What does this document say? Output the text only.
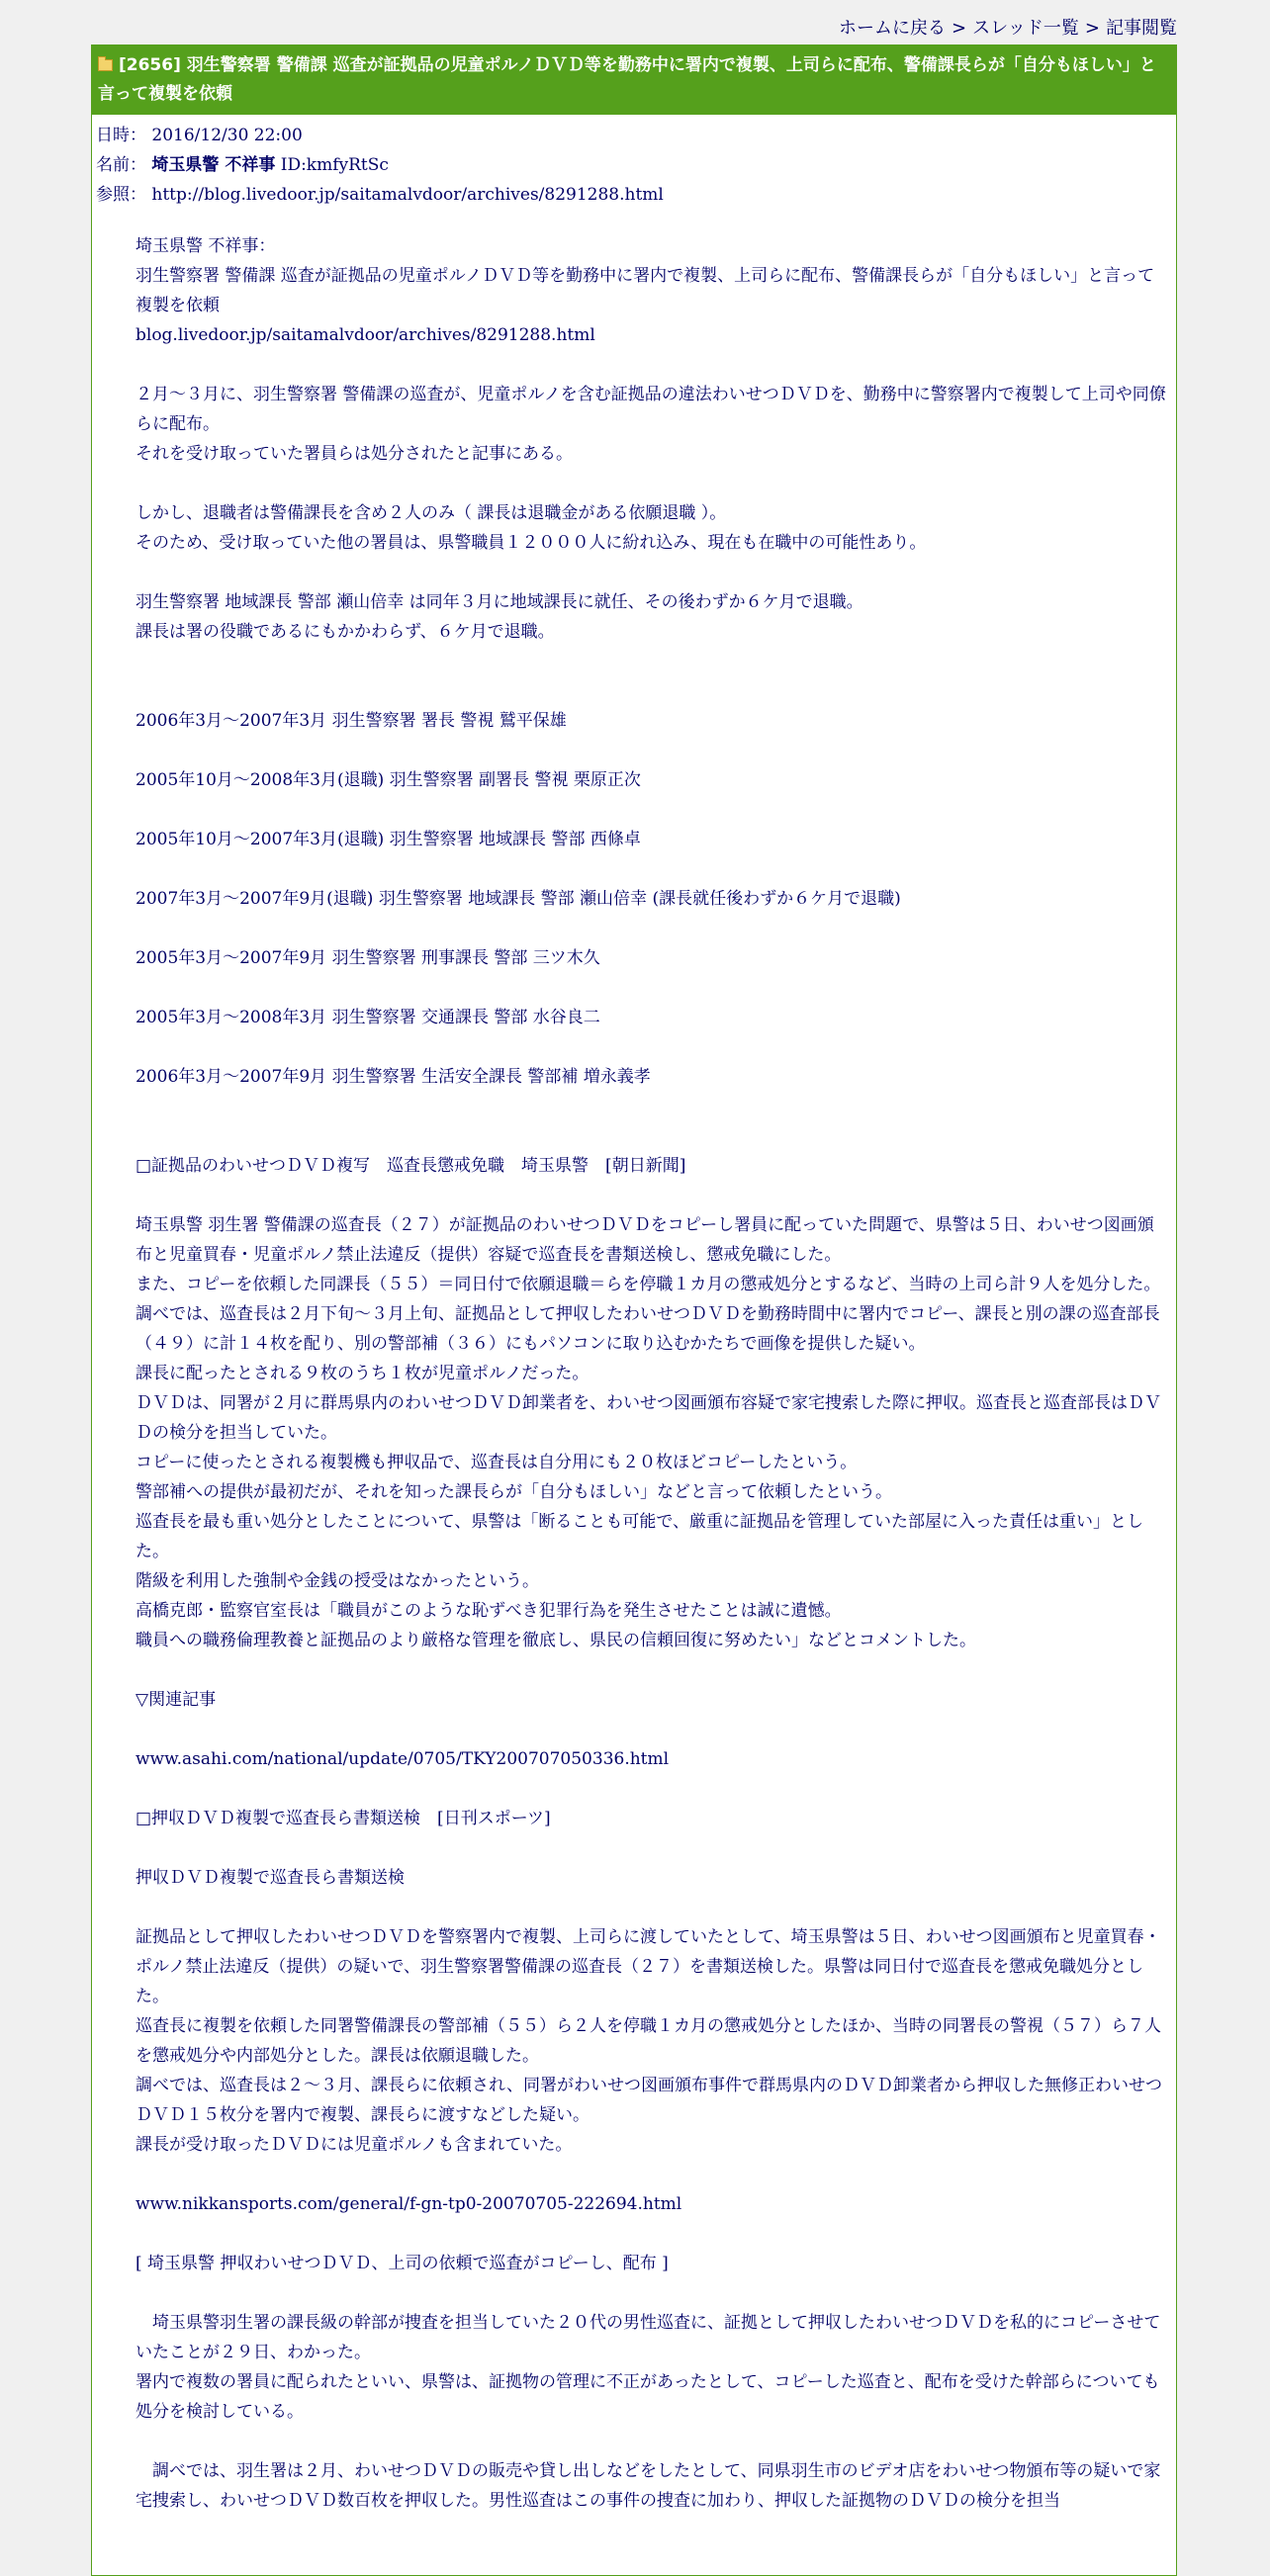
ホームに戻る > スレッド一覧 > 記事閲覧
[2656] 羽生警察署 警備課 巡査が証拠品の児童ポルノＤＶＤ等を勤務中に署内で複製、上司らに配布、警備課長らが「自分もほしい」と言って複製を依頼
日時： 2016/12/30 22:00
名前： 埼玉県警 不祥事 ID:kmfyRtSc
参照： http://blog.livedoor.jp/saitamalvdoor/archives/8291288.html
埼玉県警 不祥事：
羽生警察署 警備課 巡査が証拠品の児童ポルノＤＶＤ等を勤務中に署内で複製、上司らに配布、警備課長らが「自分もほしい」と言って複製を依頼
blog.livedoor.jp/saitamalvdoor/archives/8291288.html

２月～３月に、羽生警察署 警備課の巡査が、児童ポルノを含む証拠品の違法わいせつＤＶＤを、勤務中に警察署内で複製して上司や同僚らに配布。
それを受け取っていた署員らは処分されたと記事にある。

しかし、退職者は警備課長を含め２人のみ（ 課長は退職金がある依願退職 ）。
そのため、受け取っていた他の署員は、県警職員１２０００人に紛れ込み、現在も在職中の可能性あり。

羽生警察署 地域課長 警部 瀬山倍幸 は同年３月に地域課長に就任、その後わずか６ケ月で退職。
課長は署の役職であるにもかかわらず、６ケ月で退職。

2006年3月～2007年3月 羽生警察署 署長 警視 鷲平保雄

2005年10月～2008年3月(退職) 羽生警察署 副署長 警視 栗原正次

2005年10月～2007年3月(退職) 羽生警察署 地域課長 警部 西條卓

2007年3月～2007年9月(退職) 羽生警察署 地域課長 警部 瀬山倍幸 (課長就任後わずか６ケ月で退職)

2005年3月～2007年9月 羽生警察署 刑事課長 警部 三ツ木久

2005年3月～2008年3月 羽生警察署 交通課長 警部 水谷良二

2006年3月～2007年9月 羽生警察署 生活安全課長 警部補 増永義孝

□証拠品のわいせつＤＶＤ複写　巡査長懲戒免職　埼玉県警　[朝日新聞]

埼玉県警 羽生署 警備課の巡査長（２７）が証拠品のわいせつＤＶＤをコピーし署員に配っていた問題で、県警は５日、わいせつ図画頒布と児童買春・児童ポルノ禁止法違反（提供）容疑で巡査長を書類送検し、懲戒免職にした。
また、コピーを依頼した同課長（５５）＝同日付で依願退職＝らを停職１カ月の懲戒処分とするなど、当時の上司ら計９人を処分した。
調べでは、巡査長は２月下旬～３月上旬、証拠品として押収したわいせつＤＶＤを勤務時間中に署内でコピー、課長と別の課の巡査部長（４９）に計１４枚を配り、別の警部補（３６）にもパソコンに取り込むかたちで画像を提供した疑い。
課長に配ったとされる９枚のうち１枚が児童ポルノだった。
ＤＶＤは、同署が２月に群馬県内のわいせつＤＶＤ卸業者を、わいせつ図画頒布容疑で家宅捜索した際に押収。巡査長と巡査部長はＤＶＤの検分を担当していた。
コピーに使ったとされる複製機も押収品で、巡査長は自分用にも２０枚ほどコピーしたという。
警部補への提供が最初だが、それを知った課長らが「自分もほしい」などと言って依頼したという。
巡査長を最も重い処分としたことについて、県警は「断ることも可能で、厳重に証拠品を管理していた部屋に入った責任は重い」とした。
階級を利用した強制や金銭の授受はなかったという。
高橋克郎・監察官室長は「職員がこのような恥ずべき犯罪行為を発生させたことは誠に遺憾。
職員への職務倫理教養と証拠品のより厳格な管理を徹底し、県民の信頼回復に努めたい」などとコメントした。

▽関連記事

www.asahi.com/national/update/0705/TKY200707050336.html

□押収ＤＶＤ複製で巡査長ら書類送検　[日刊スポーツ]

押収ＤＶＤ複製で巡査長ら書類送検

証拠品として押収したわいせつＤＶＤを警察署内で複製、上司らに渡していたとして、埼玉県警は５日、わいせつ図画頒布と児童買春・ポルノ禁止法違反（提供）の疑いで、羽生警察署警備課の巡査長（２７）を書類送検した。県警は同日付で巡査長を懲戒免職処分とした。
巡査長に複製を依頼した同署警備課長の警部補（５５）ら２人を停職１カ月の懲戒処分としたほか、当時の同署長の警視（５７）ら７人を懲戒処分や内部処分とした。課長は依願退職した。
調べでは、巡査長は２～３月、課長らに依頼され、同署がわいせつ図画頒布事件で群馬県内のＤＶＤ卸業者から押収した無修正わいせつＤＶＤ１５枚分を署内で複製、課長らに渡すなどした疑い。
課長が受け取ったＤＶＤには児童ポルノも含まれていた。

www.nikkansports.com/general/f-gn-tp0-20070705-222694.html

[ 埼玉県警 押収わいせつＤＶＤ、上司の依頼で巡査がコピーし、配布 ]

　埼玉県警羽生署の課長級の幹部が捜査を担当していた２０代の男性巡査に、証拠として押収したわいせつＤＶＤを私的にコピーさせていたことが２９日、わかった。
署内で複数の署員に配られたといい、県警は、証拠物の管理に不正があったとして、コピーした巡査と、配布を受けた幹部らについても処分を検討している。

　調べでは、羽生署は２月、わいせつＤＶＤの販売や貸し出しなどをしたとして、同県羽生市のビデオ店をわいせつ物頒布等の疑いで家宅捜索し、わいせつＤＶＤ数百枚を押収した。男性巡査はこの事件の捜査に加わり、押収した証拠物のＤＶＤの検分を担当
